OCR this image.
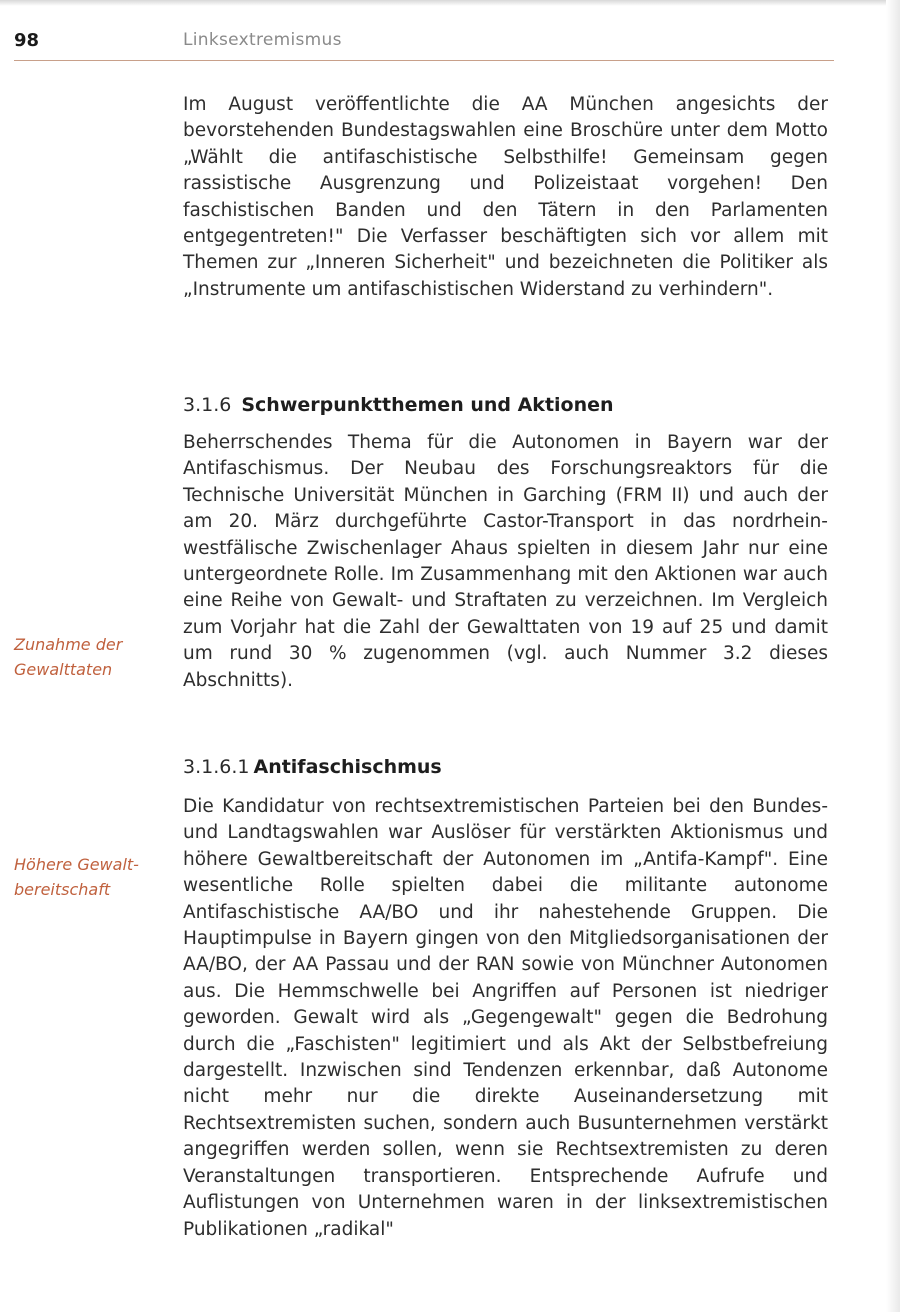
98	Linksextremismus

Im August veröffentlichte die AA München angesichts der bevorstehenden Bundestagswahlen eine Broschüre unter dem Motto „Wählt die antifaschistische Selbsthilfe! Gemeinsam gegen rassistische Ausgrenzung und Polizeistaat vorgehen! Den faschistischen Banden und den Tätern in den Parlamenten entgegentreten!" Die Verfasser beschäftigten sich vor allem mit Themen zur „Inneren Sicherheit" und bezeichneten die Politiker als „Instrumente um antifaschistischen Widerstand zu verhindern".

3.1.6 Schwerpunktthemen und Aktionen

Beherrschendes Thema für die Autonomen in Bayern war der Antifaschismus. Der Neubau des Forschungsreaktors für die Technische Universität München in Garching (FRM II) und auch der am 20. März durchgeführte Castor-Transport in das nordrhein-westfälische Zwischenlager Ahaus spielten in diesem Jahr nur eine untergeordnete Rolle. Im Zusammenhang mit den Aktionen war auch eine Reihe von Gewalt- und Straftaten zu verzeichnen. Im Vergleich zum Vorjahr hat die Zahl der Gewalttaten von 19 auf 25 und damit um rund 30 % zugenommen (vgl. auch Nummer 3.2 dieses Abschnitts).

Zunahme der
Gewalttaten
3.1.6.1 Antifaschischmus

Die Kandidatur von rechtsextremistischen Parteien bei den Bundes- und Landtagswahlen war Auslöser für verstärkten Aktionismus und höhere Gewaltbereitschaft der Autonomen im „Antifa-Kampf". Eine wesentliche Rolle spielten dabei die militante autonome Antifaschistische AA/BO und ihr nahestehende Gruppen. Die Hauptimpulse in Bayern gingen von den Mitgliedsorganisationen der AA/BO, der AA Passau und der RAN sowie von Münchner Autonomen aus. Die Hemmschwelle bei Angriffen auf Personen ist niedriger geworden. Gewalt wird als „Gegengewalt" gegen die Bedrohung durch die „Faschisten" legitimiert und als Akt der Selbstbefreiung dargestellt. Inzwischen sind Tendenzen erkennbar, daß Autonome nicht mehr nur die direkte Auseinandersetzung mit Rechtsextremisten suchen, sondern auch Busunternehmen verstärkt angegriffen werden sollen, wenn sie Rechtsextremisten zu deren Veranstaltungen transportieren. Entsprechende Aufrufe und Auflistungen von Unternehmen waren in der linksextremistischen Publikationen „radikal"

Höhere Gewalt-
bereitschaft
